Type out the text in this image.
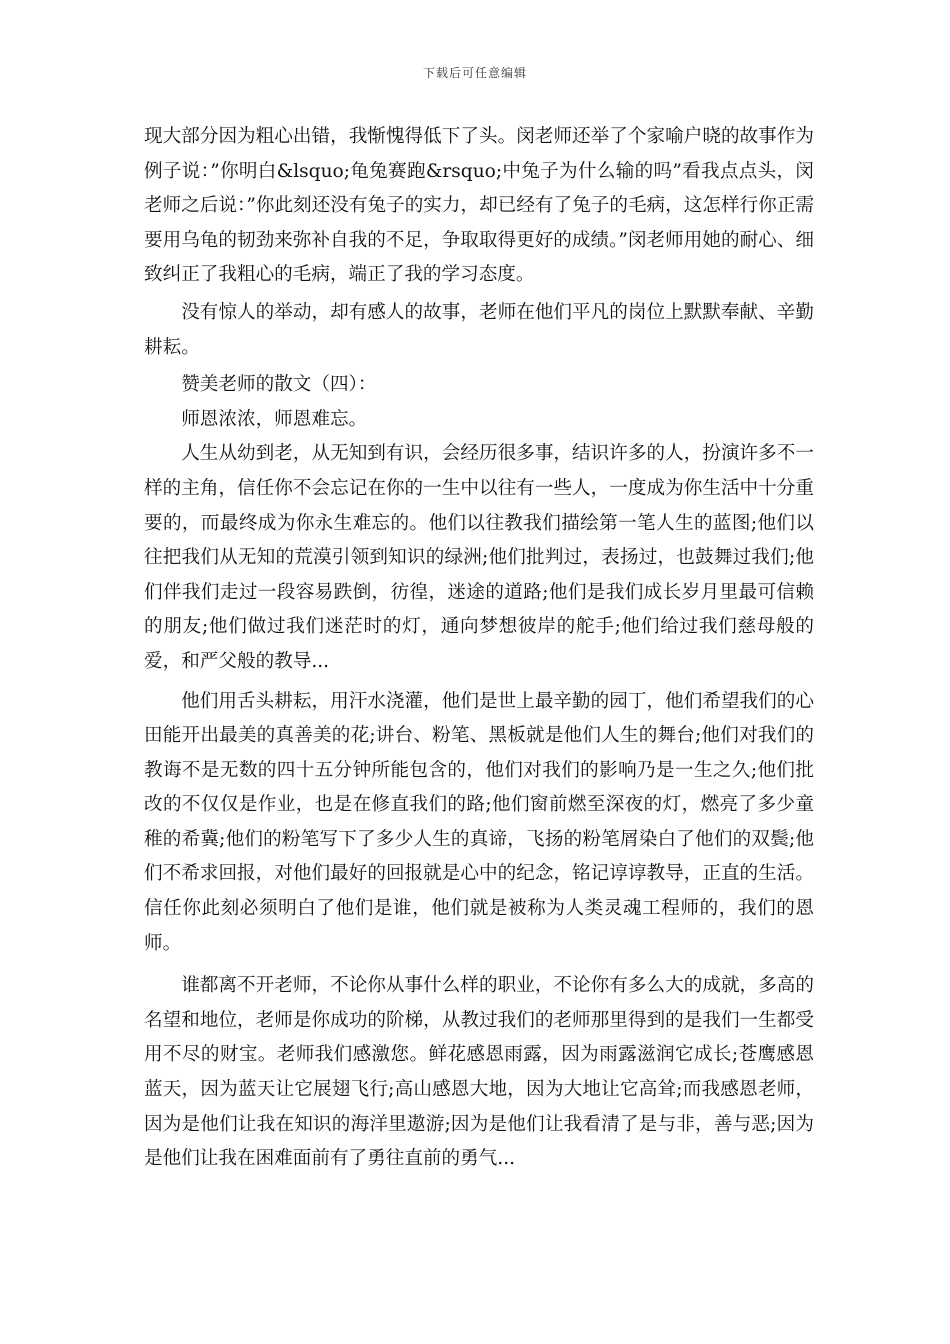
下载后可任意编辑

现大部分因为粗心出错，我惭愧得低下了头。闵老师还举了个家喻户晓的故事作为例子说：”你明白&lsquo;龟兔赛跑&rsquo;中兔子为什么输的吗”看我点点头，闵老师之后说：”你此刻还没有兔子的实力，却已经有了兔子的毛病，这怎样行你正需要用乌龟的韧劲来弥补自我的不足，争取取得更好的成绩。”闵老师用她的耐心、细致纠正了我粗心的毛病，端正了我的学习态度。

没有惊人的举动，却有感人的故事，老师在他们平凡的岗位上默默奉献、辛勤耕耘。

赞美老师的散文（四）：

师恩浓浓，师恩难忘。

人生从幼到老，从无知到有识，会经历很多事，结识许多的人，扮演许多不一样的主角，信任你不会忘记在你的一生中以往有一些人，一度成为你生活中十分重要的，而最终成为你永生难忘的。他们以往教我们描绘第一笔人生的蓝图;他们以往把我们从无知的荒漠引领到知识的绿洲;他们批判过，表扬过，也鼓舞过我们;他们伴我们走过一段容易跌倒，彷徨，迷途的道路;他们是我们成长岁月里最可信赖的朋友;他们做过我们迷茫时的灯，通向梦想彼岸的舵手;他们给过我们慈母般的爱，和严父般的教导...

他们用舌头耕耘，用汗水浇灌，他们是世上最辛勤的园丁，他们希望我们的心田能开出最美的真善美的花;讲台、粉笔、黑板就是他们人生的舞台;他们对我们的教诲不是无数的四十五分钟所能包含的，他们对我们的影响乃是一生之久;他们批改的不仅仅是作业，也是在修直我们的路;他们窗前燃至深夜的灯，燃亮了多少童稚的希冀;他们的粉笔写下了多少人生的真谛，飞扬的粉笔屑染白了他们的双鬓;他们不希求回报，对他们最好的回报就是心中的纪念，铭记谆谆教导，正直的生活。信任你此刻必须明白了他们是谁，他们就是被称为人类灵魂工程师的，我们的恩师。

谁都离不开老师，不论你从事什么样的职业，不论你有多么大的成就，多高的名望和地位，老师是你成功的阶梯，从教过我们的老师那里得到的是我们一生都受用不尽的财宝。老师我们感激您。鲜花感恩雨露，因为雨露滋润它成长;苍鹰感恩蓝天，因为蓝天让它展翅飞行;高山感恩大地，因为大地让它高耸;而我感恩老师，因为是他们让我在知识的海洋里遨游;因为是他们让我看清了是与非，善与恶;因为是他们让我在困难面前有了勇往直前的勇气...
